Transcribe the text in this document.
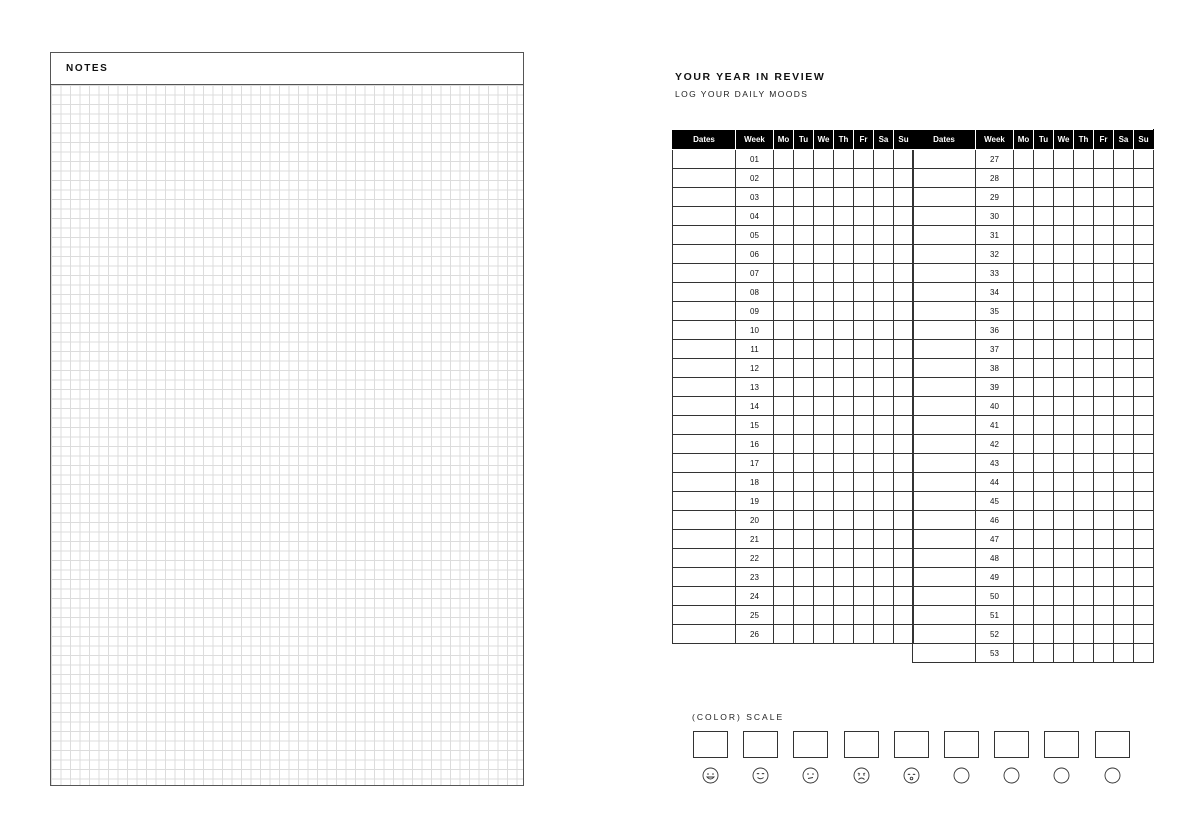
NOTES
YOUR YEAR IN REVIEW
LOG YOUR DAILY MOODS
Dates	Week	Mo	Tu	We	Th	Fr	Sa	Su
	01							
	02							
	03							
	04							
	05							
	06							
	07							
	08							
	09							
	10							
	11							
	12							
	13							
	14							
	15							
	16							
	17							
	18							
	19							
	20							
	21							
	22							
	23							
	24							
	25							
	26							
Dates	Week	Mo	Tu	We	Th	Fr	Sa	Su
	27							
	28							
	29							
	30							
	31							
	32							
	33							
	34							
	35							
	36							
	37							
	38							
	39							
	40							
	41							
	42							
	43							
	44							
	45							
	46							
	47							
	48							
	49							
	50							
	51							
	52							
	53							
(COLOR) SCALE
